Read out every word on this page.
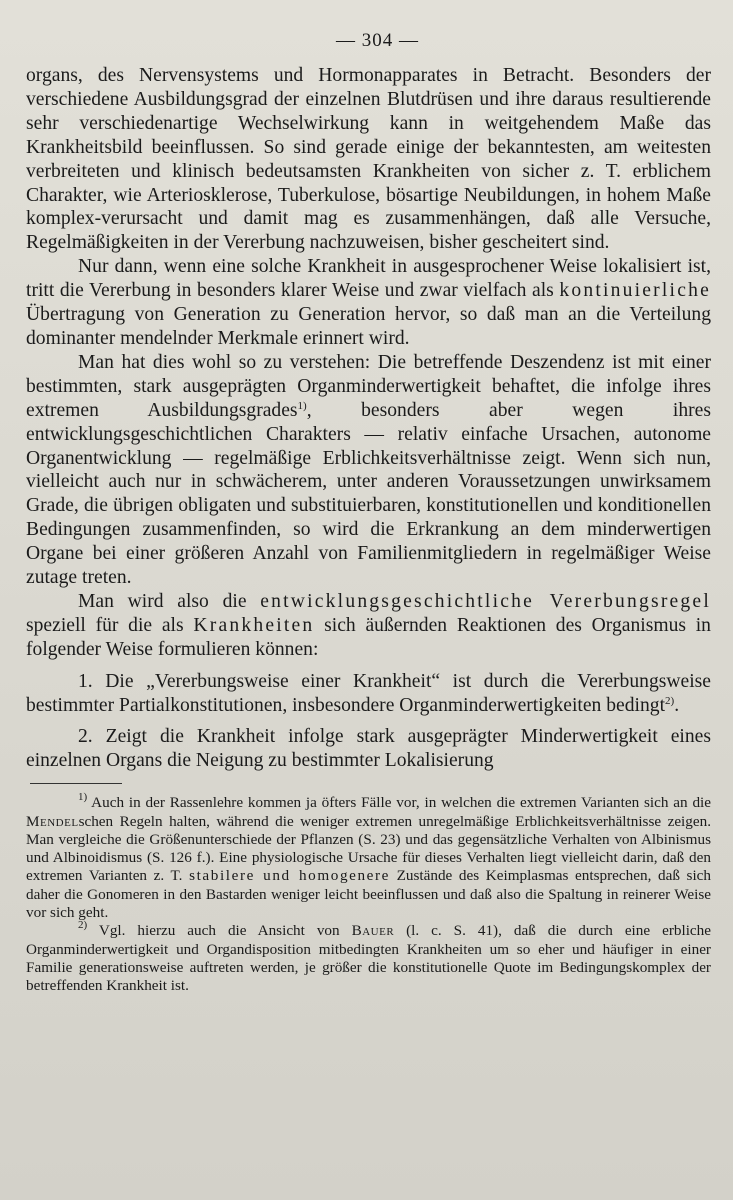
— 304 —

organs, des Nervensystems und Hormonapparates in Betracht. Besonders der verschiedene Ausbildungsgrad der einzelnen Blutdrüsen und ihre daraus resultierende sehr verschiedenartige Wechselwirkung kann in weitgehendem Maße das Krankheitsbild beeinflussen. So sind gerade einige der bekanntesten, am weitesten verbreiteten und klinisch bedeutsamsten Krankheiten von sicher z. T. erblichem Charakter, wie Arteriosklerose, Tuberkulose, bösartige Neubildungen, in hohem Maße komplex-verursacht und damit mag es zusammenhängen, daß alle Versuche, Regelmäßigkeiten in der Vererbung nachzuweisen, bisher gescheitert sind.

Nur dann, wenn eine solche Krankheit in ausgesprochener Weise lokalisiert ist, tritt die Vererbung in besonders klarer Weise und zwar vielfach als kontinuierliche Übertragung von Generation zu Generation hervor, so daß man an die Verteilung dominanter mendelnder Merkmale erinnert wird.

Man hat dies wohl so zu verstehen: Die betreffende Deszendenz ist mit einer bestimmten, stark ausgeprägten Organminderwertigkeit behaftet, die infolge ihres extremen Ausbildungsgrades$^{1)}$, besonders aber wegen ihres entwicklungsgeschichtlichen Charakters — relativ einfache Ursachen, autonome Organentwicklung — regelmäßige Erblichkeitsverhältnisse zeigt. Wenn sich nun, vielleicht auch nur in schwächerem, unter anderen Voraussetzungen unwirksamem Grade, die übrigen obligaten und substituierbaren, konstitutionellen und konditionellen Bedingungen zusammenfinden, so wird die Erkrankung an dem minderwertigen Organe bei einer größeren Anzahl von Familienmitgliedern in regelmäßiger Weise zutage treten.

Man wird also die entwicklungsgeschichtliche Vererbungsregel speziell für die als Krankheiten sich äußernden Reaktionen des Organismus in folgender Weise formulieren können:

1. Die „Vererbungsweise einer Krankheit“ ist durch die Vererbungsweise bestimmter Partialkonstitutionen, insbesondere Organminderwertigkeiten bedingt$^{2)}$.

2. Zeigt die Krankheit infolge stark ausgeprägter Minderwertigkeit eines einzelnen Organs die Neigung zu bestimmter Lokalisierung

$^{1)}$ Auch in der Rassenlehre kommen ja öfters Fälle vor, in welchen die extremen Varianten sich an die Mendelschen Regeln halten, während die weniger extremen unregelmäßige Erblichkeitsverhältnisse zeigen. Man vergleiche die Größenunterschiede der Pflanzen (S. 23) und das gegensätzliche Verhalten von Albinismus und Albinoidismus (S. 126 f.). Eine physiologische Ursache für dieses Verhalten liegt vielleicht darin, daß den extremen Varianten z. T. stabilere und homogenere Zustände des Keimplasmas entsprechen, daß sich daher die Gonomeren in den Bastarden weniger leicht beeinflussen und daß also die Spaltung in reinerer Weise vor sich geht.

$^{2)}$ Vgl. hierzu auch die Ansicht von Bauer (l. c. S. 41), daß die durch eine erbliche Organminderwertigkeit und Organdisposition mitbedingten Krankheiten um so eher und häufiger in einer Familie generationsweise auftreten werden, je größer die konstitutionelle Quote im Bedingungskomplex der betreffenden Krankheit ist.
